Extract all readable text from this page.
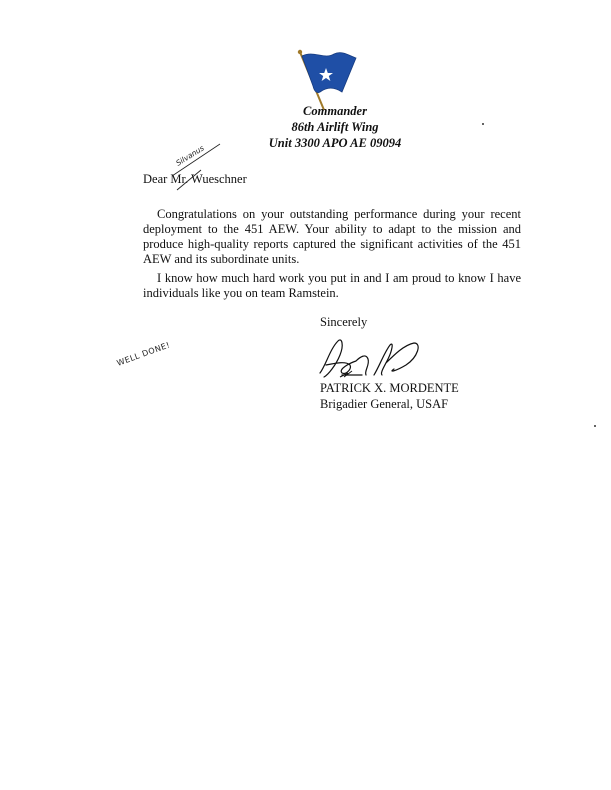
Commander
86th Airlift Wing
Unit 3300 APO AE 09094
Dear Mr. Wueschner
Silvanus
Congratulations on your outstanding performance during your recent deployment to the 451 AEW. Your ability to adapt to the mission and produce high-quality reports captured the significant activities of the 451 AEW and its subordinate units.
I know how much hard work you put in and I am proud to know I have individuals like you on team Ramstein.
Sincerely
PATRICK X. MORDENTE
Brigadier General, USAF
WELL DONE!
